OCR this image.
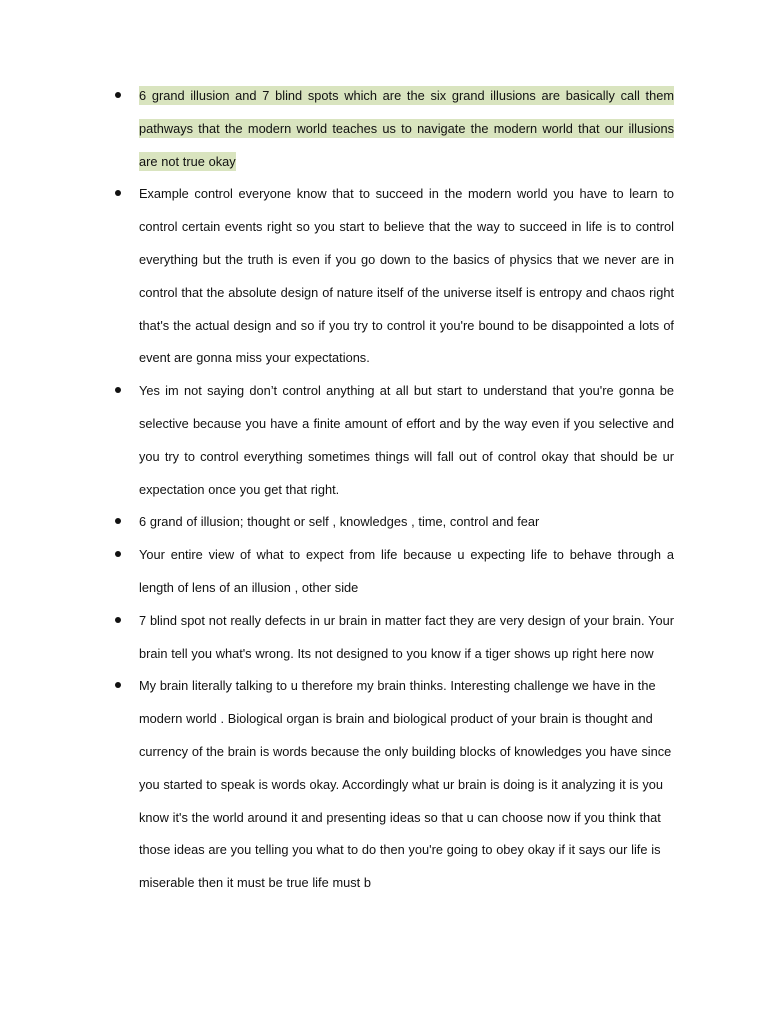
6 grand illusion and 7 blind spots which are the six grand illusions are basically call them pathways that the modern world teaches us to navigate the modern world that our illusions are not true okay
Example control everyone know that to succeed in the modern world you have to learn to control certain events right so you start to believe that the way to succeed in life is to control everything but the truth is even if you go down to the basics of physics that we never are in control that the absolute design of nature itself of the universe itself is entropy and chaos right that's the actual design and so if you try to control it you're bound to be disappointed a lots of event are gonna miss your expectations.
Yes im not saying don’t control anything at all but start to understand that you're gonna be selective because you have a finite amount of effort and by the way even if you selective and you try to control everything sometimes things will fall out of control okay that should be ur expectation once you get that right.
6 grand of illusion; thought or self , knowledges , time, control and fear
Your entire view of what to expect from life because u expecting life to behave through a length of lens of an illusion , other side
7 blind spot not really defects in ur brain in matter fact they are very design of your brain. Your brain tell you what's wrong. Its not designed to you know if a tiger shows up right here now
My brain literally talking to u therefore my brain thinks. Interesting challenge we have in the modern world . Biological organ is brain and biological product of your brain is thought and currency of the brain is words because the only building blocks of knowledges you have since you started to speak is words okay. Accordingly what ur brain is doing is it analyzing it is you know it's the world around it and presenting ideas so that u can choose now if you think that those ideas are you telling you what to do then you're going to obey okay if it says our life is miserable then it must be true life must b
